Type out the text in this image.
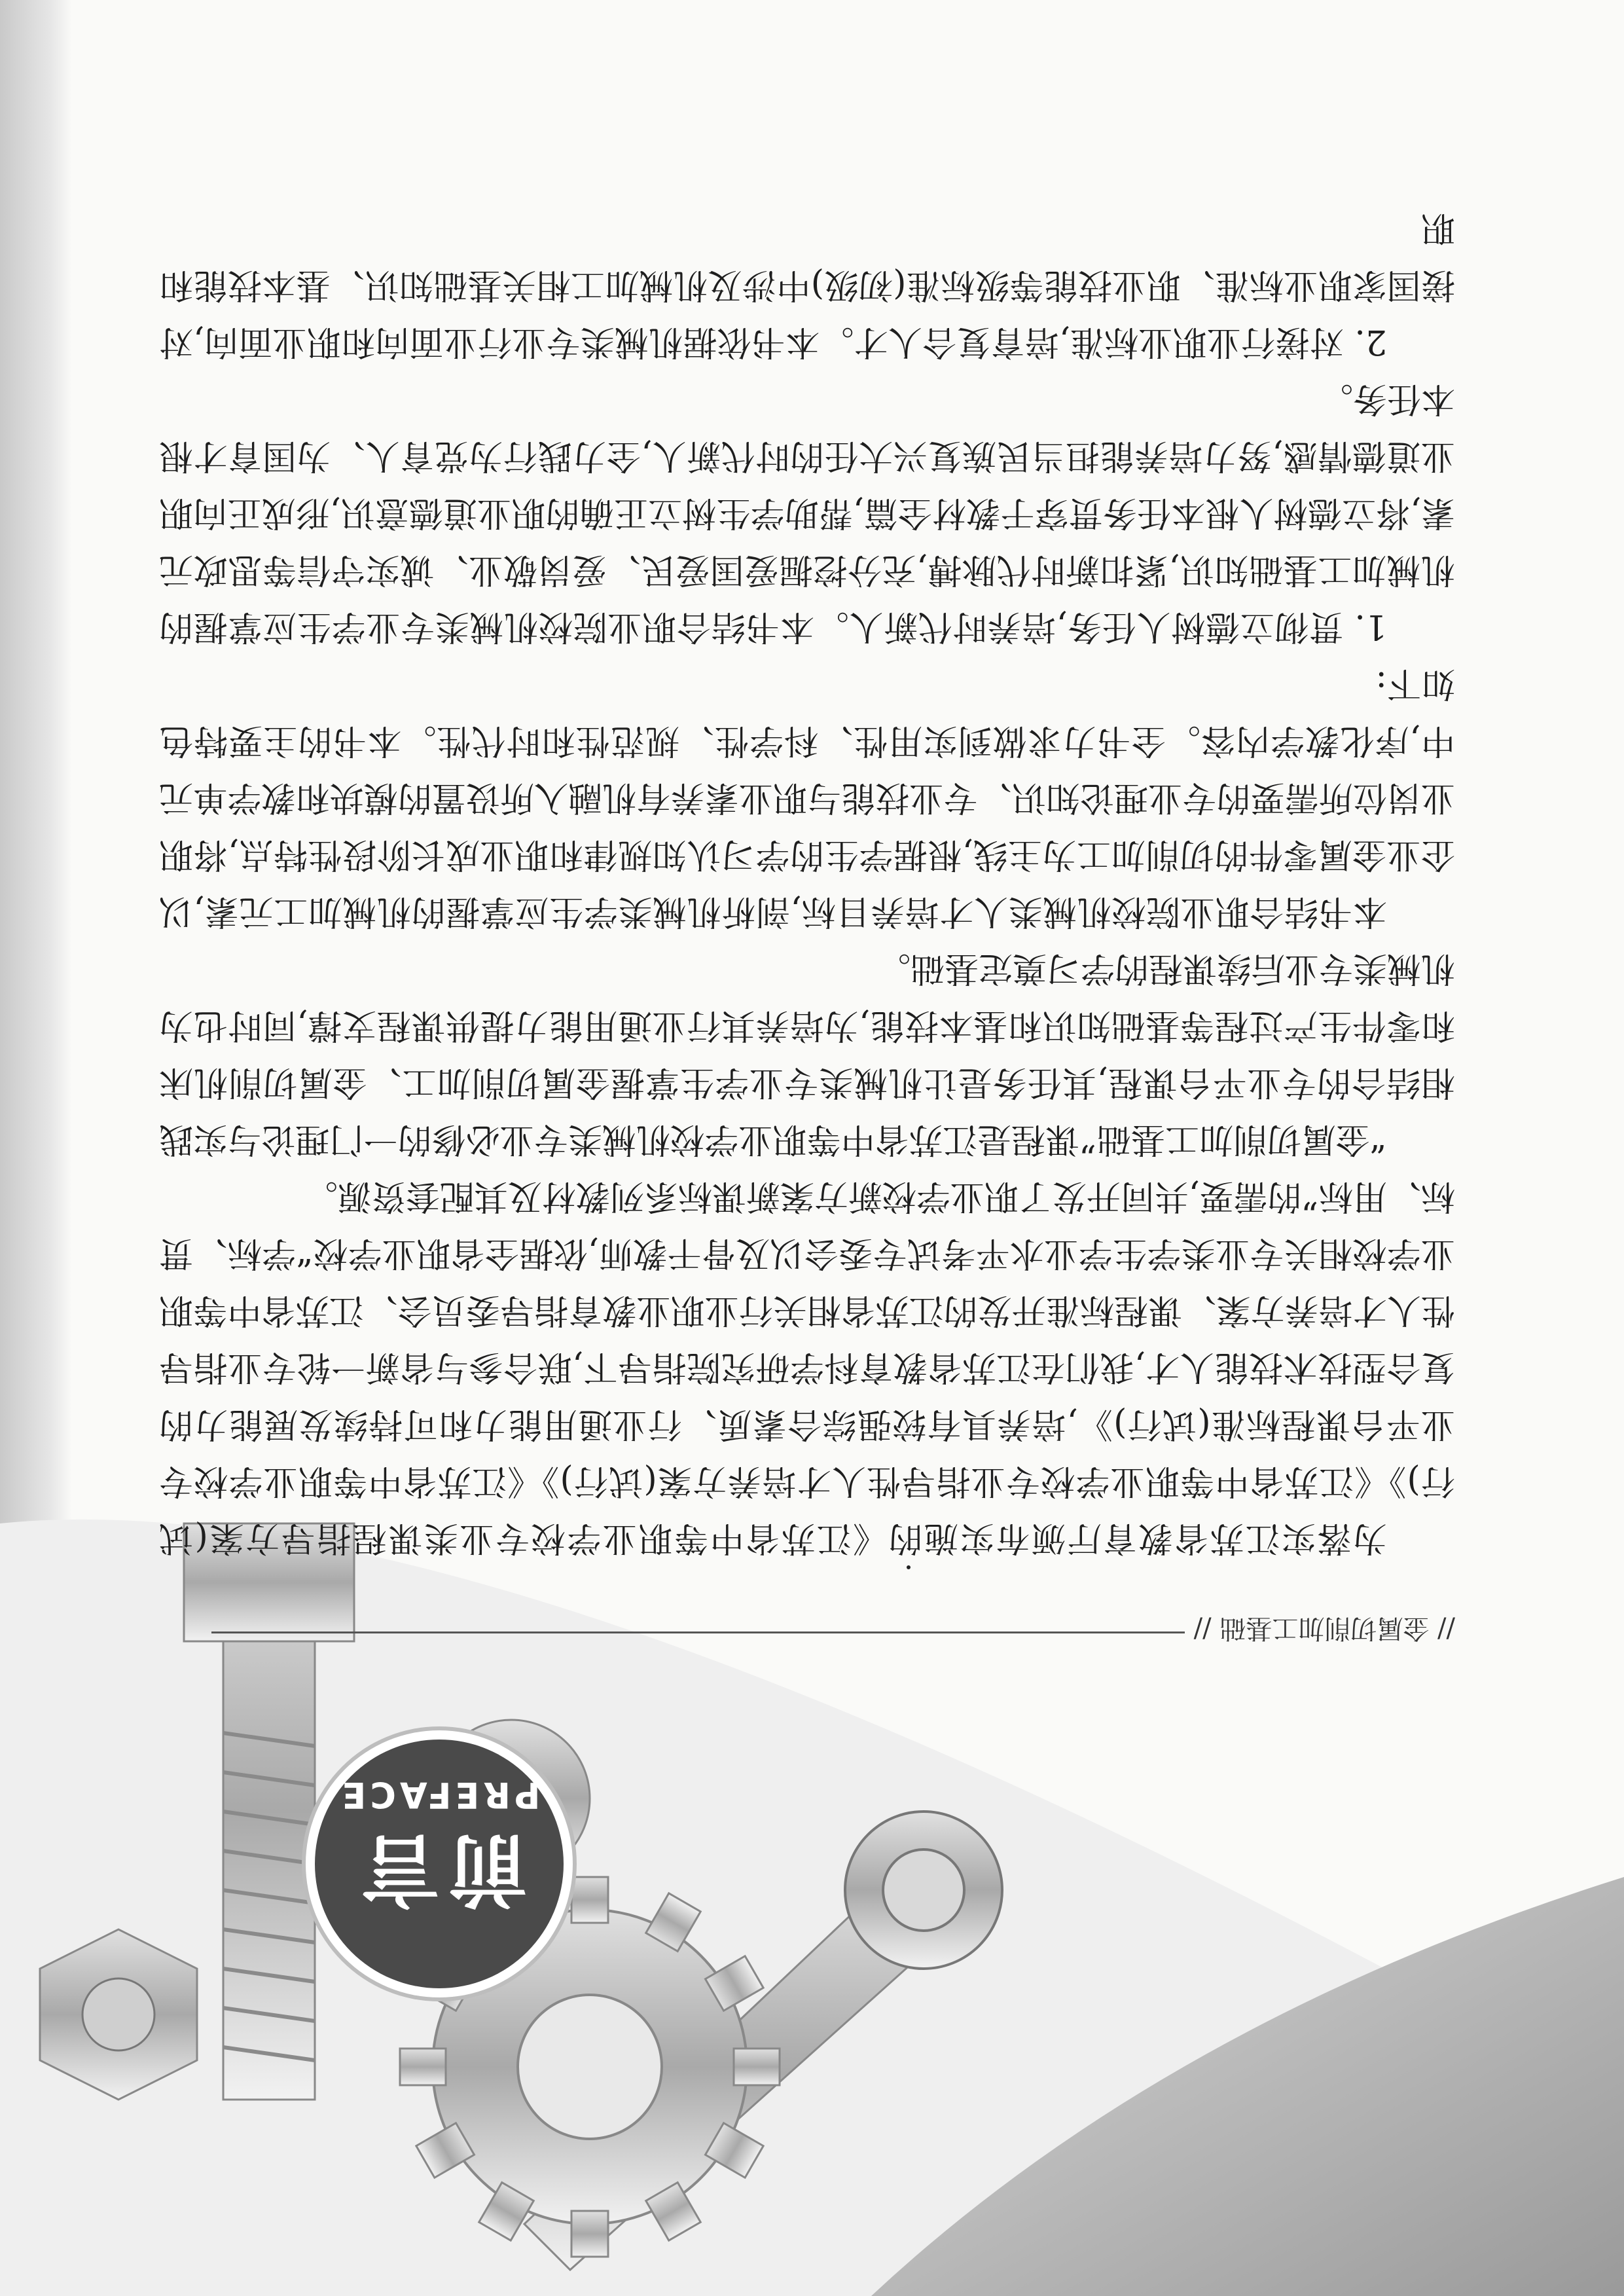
前言
PREFACE
// 金属切削加工基础 //

为落实江苏省教育厅颁布实施的《江苏省中等职业学校专业类课程指导方案(试行)》《江苏省中等职业学校专业指导性人才培养方案(试行)》《江苏省中等职业学校专业平台课程标准(试行)》,培养具有较强综合素质、行业通用能力和可持续发展能力的复合型技术技能人才,我们在江苏省教育科学研究院指导下,联合参与省新一轮专业指导性人才培养方案、课程标准开发的江苏省相关行业职业教育指导委员会、江苏省中等职业学校相关专业类学生学业水平考试专委会以及骨干教师,依据全省职业学校“学标、贯标、用标”的需要,共同开发了职业学校新方案新课标系列教材及其配套资源。

“金属切削加工基础”课程是江苏省中等职业学校机械类专业必修的一门理论与实践相结合的专业平台课程,其任务是让机械类专业学生掌握金属切削加工、金属切削机床和零件生产过程等基础知识和基本技能,为培养其行业通用能力提供课程支撑,同时也为机械类专业后续课程的学习奠定基础。

本书结合职业院校机械类人才培养目标,剖析机械类学生应掌握的机械加工元素,以企业金属零件的切削加工为主线,根据学生的学习认知规律和职业成长阶段性特点,将职业岗位所需要的专业理论知识、专业技能与职业素养有机融入所设置的模块和教学单元中,序化教学内容。全书力求做到实用性、科学性、规范性和时代性。本书的主要特色如下:

1. 贯彻立德树人任务,培养时代新人。本书结合职业院校机械类专业学生应掌握的机械加工基础知识,紧扣新时代脉搏,充分挖掘爱国爱民、爱岗敬业、诚实守信等思政元素,将立德树人根本任务贯穿于教材全篇,帮助学生树立正确的职业道德意识,形成正向职业道德情感,努力培养能担当民族复兴大任的时代新人,全力践行为党育人、为国育才根本任务。

2. 对接行业职业标准,培育复合人才。本书依据机械类专业行业面向和职业面向,对接国家职业标准、职业技能等级标准(初级)中涉及机械加工相关基础知识、基本技能和职
